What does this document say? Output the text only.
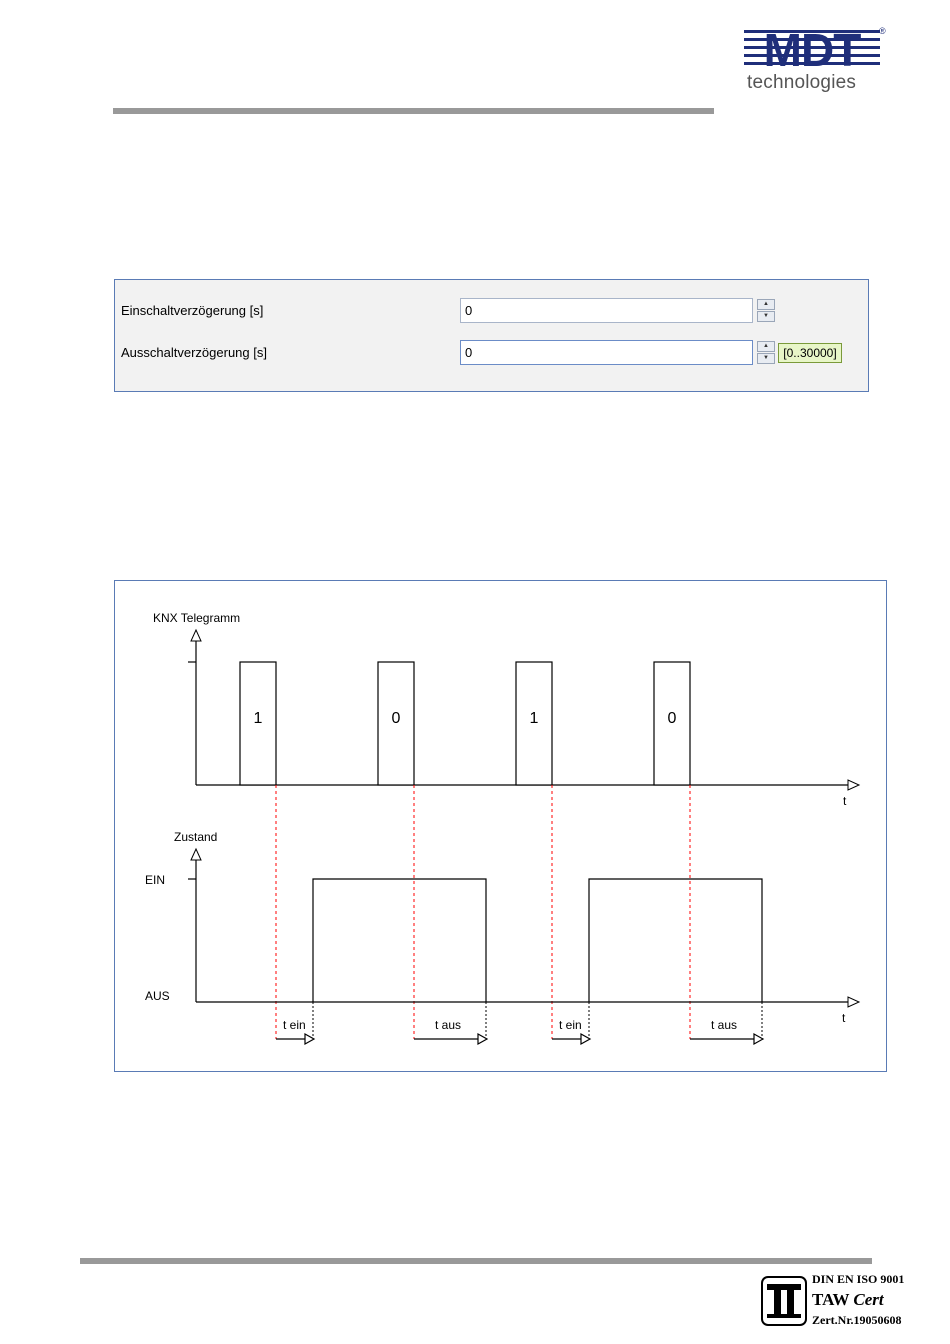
MDT ®
technologies
Einschaltverzögerung [s]
0	▲
▼
Ausschaltverzögerung [s]
0	▲
▼	[0..30000]
KNX Telegramm
t
1	0	1	0
Zustand
EIN
AUS
t
t ein	t aus	t ein	t aus
DIN EN ISO 9001
TAW Cert
Zert.Nr.19050608
